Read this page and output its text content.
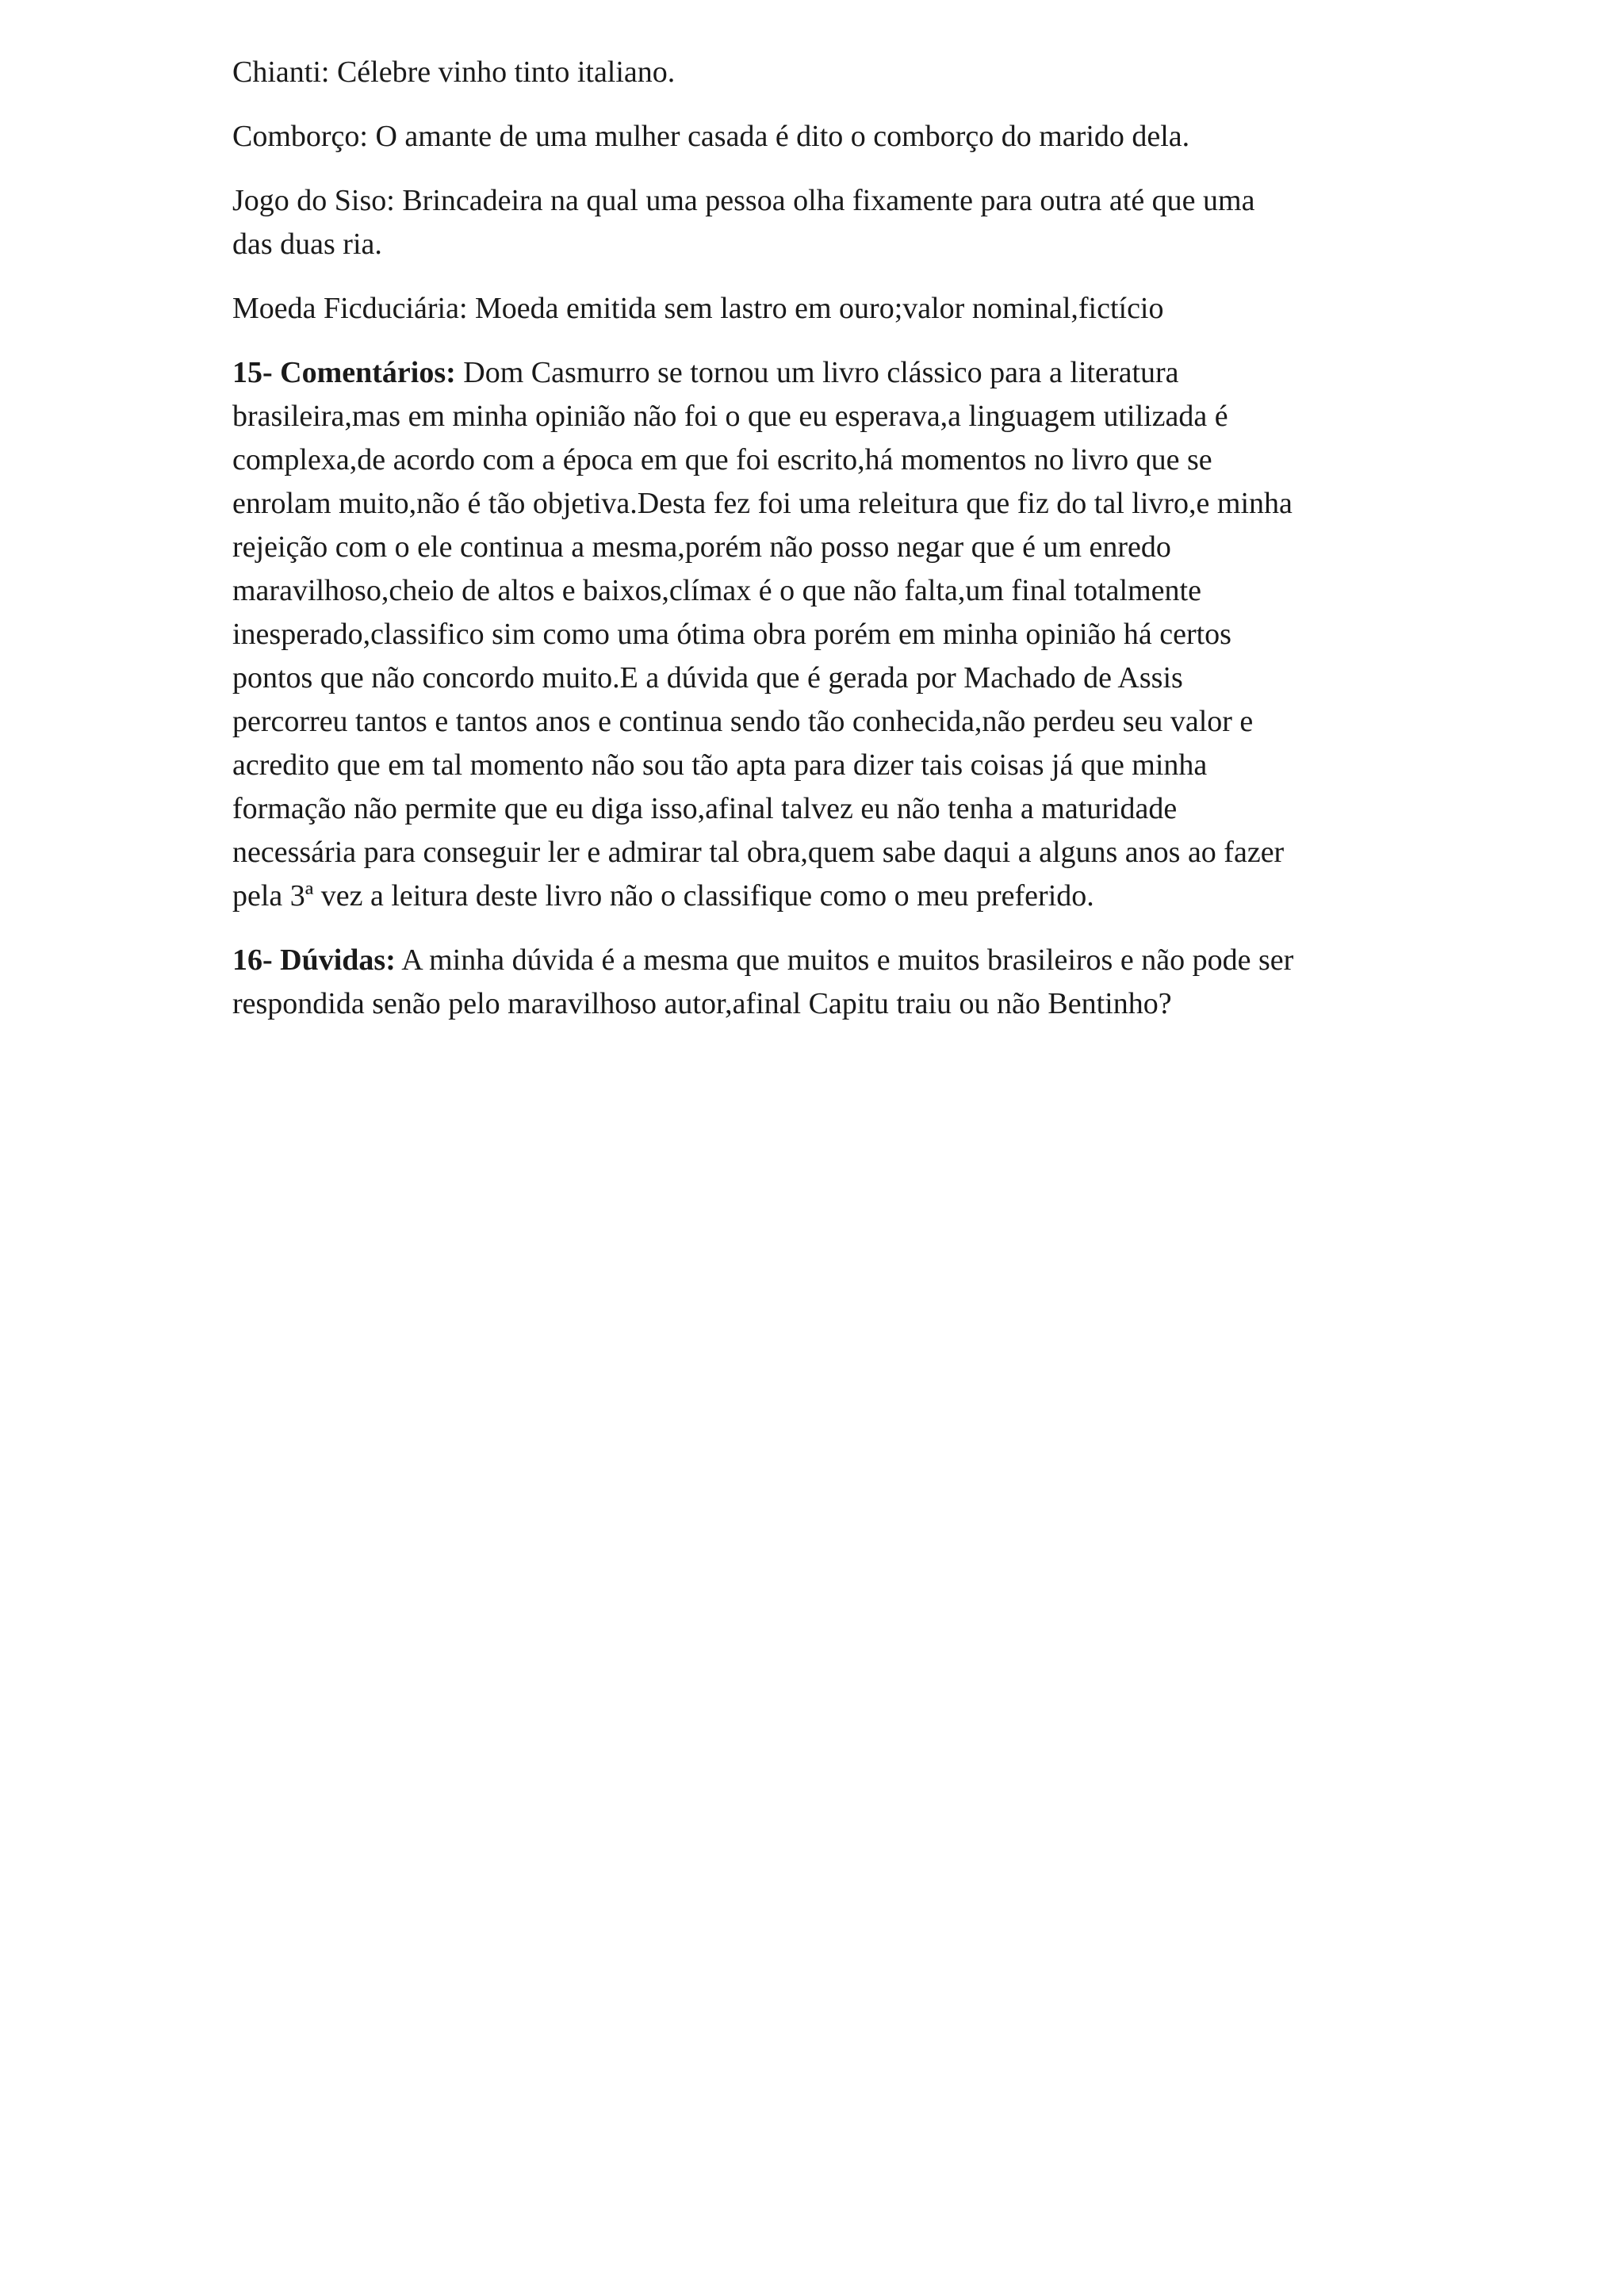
Chianti: Célebre vinho tinto italiano.

Comborço: O amante de uma mulher casada é dito o comborço do marido dela.

Jogo do Siso: Brincadeira na qual uma pessoa olha fixamente para outra até que uma
das duas ria.

Moeda Ficduciária: Moeda emitida sem lastro em ouro;valor nominal,fictício

15- Comentários: Dom Casmurro se tornou um livro clássico para a literatura
brasileira,mas em minha opinião não foi o que eu esperava,a linguagem utilizada é
complexa,de acordo com a época em que foi escrito,há momentos no livro que se
enrolam muito,não é tão objetiva.Desta fez foi uma releitura que fiz do tal livro,e minha
rejeição com o ele continua a mesma,porém não posso negar que é um enredo
maravilhoso,cheio de altos e baixos,clímax é o que não falta,um final totalmente
inesperado,classifico sim como uma ótima obra porém em minha opinião há certos
pontos que não concordo muito.E a dúvida que é gerada por Machado de Assis
percorreu tantos e tantos anos e continua sendo tão conhecida,não perdeu seu valor e
acredito que em tal momento não sou tão apta para dizer tais coisas já que minha
formação não permite que eu diga isso,afinal talvez eu não tenha a maturidade
necessária para conseguir ler e admirar tal obra,quem sabe daqui a alguns anos ao fazer
pela 3ª vez a leitura deste livro não o classifique como o meu preferido.

16- Dúvidas: A minha dúvida é a mesma que muitos e muitos brasileiros e não pode ser
respondida senão pelo maravilhoso autor,afinal Capitu traiu ou não Bentinho?
